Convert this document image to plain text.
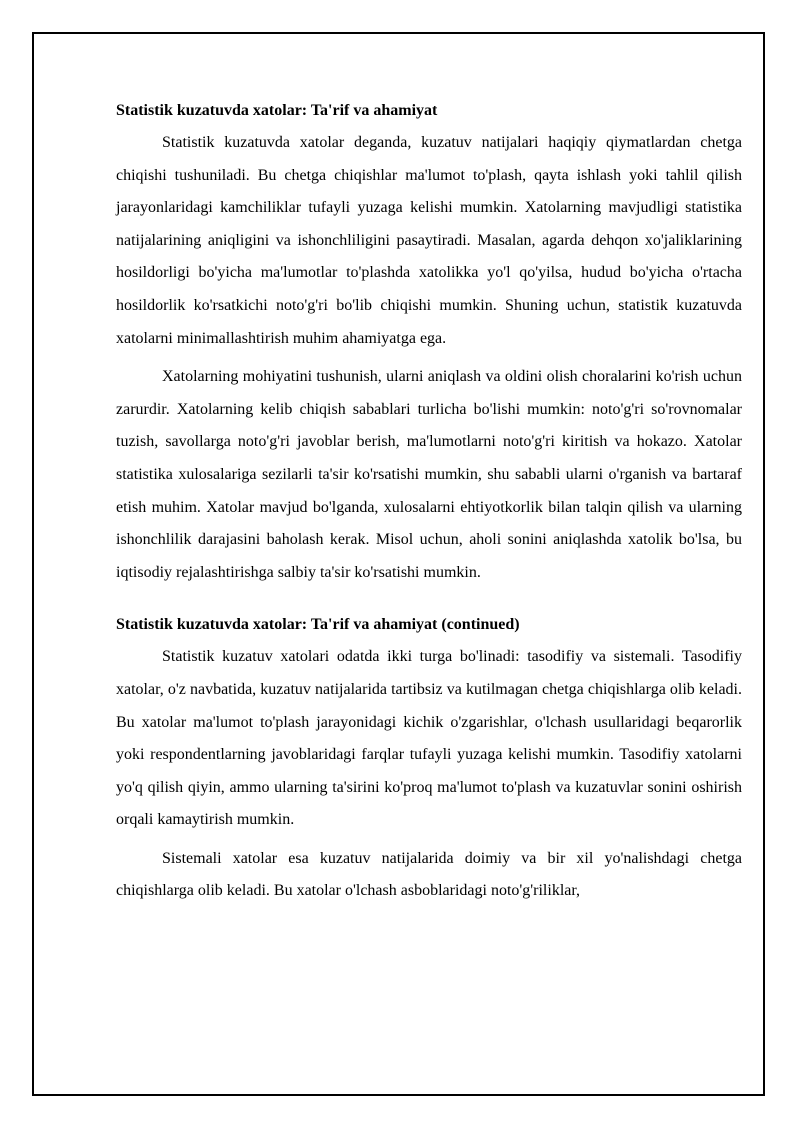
Statistik kuzatuvda xatolar: Ta'rif va ahamiyat

Statistik kuzatuvda xatolar deganda, kuzatuv natijalari haqiqiy qiymatlardan chetga chiqishi tushuniladi. Bu chetga chiqishlar ma'lumot to'plash, qayta ishlash yoki tahlil qilish jarayonlaridagi kamchiliklar tufayli yuzaga kelishi mumkin. Xatolarning mavjudligi statistika natijalarining aniqligini va ishonchliligini pasaytiradi. Masalan, agarda dehqon xo'jaliklarining hosildorligi bo'yicha ma'lumotlar to'plashda xatolikka yo'l qo'yilsa, hudud bo'yicha o'rtacha hosildorlik ko'rsatkichi noto'g'ri bo'lib chiqishi mumkin. Shuning uchun, statistik kuzatuvda xatolarni minimallashtirish muhim ahamiyatga ega.

Xatolarning mohiyatini tushunish, ularni aniqlash va oldini olish choralarini ko'rish uchun zarurdir. Xatolarning kelib chiqish sabablari turlicha bo'lishi mumkin: noto'g'ri so'rovnomalar tuzish, savollarga noto'g'ri javoblar berish, ma'lumotlarni noto'g'ri kiritish va hokazo. Xatolar statistika xulosalariga sezilarli ta'sir ko'rsatishi mumkin, shu sababli ularni o'rganish va bartaraf etish muhim. Xatolar mavjud bo'lganda, xulosalarni ehtiyotkorlik bilan talqin qilish va ularning ishonchlilik darajasini baholash kerak. Misol uchun, aholi sonini aniqlashda xatolik bo'lsa, bu iqtisodiy rejalashtirishga salbiy ta'sir ko'rsatishi mumkin.

Statistik kuzatuvda xatolar: Ta'rif va ahamiyat (continued)

Statistik kuzatuv xatolari odatda ikki turga bo'linadi: tasodifiy va sistemali. Tasodifiy xatolar, o'z navbatida, kuzatuv natijalarida tartibsiz va kutilmagan chetga chiqishlarga olib keladi. Bu xatolar ma'lumot to'plash jarayonidagi kichik o'zgarishlar, o'lchash usullaridagi beqarorlik yoki respondentlarning javoblaridagi farqlar tufayli yuzaga kelishi mumkin. Tasodifiy xatolarni yo'q qilish qiyin, ammo ularning ta'sirini ko'proq ma'lumot to'plash va kuzatuvlar sonini oshirish orqali kamaytirish mumkin.

Sistemali xatolar esa kuzatuv natijalarida doimiy va bir xil yo'nalishdagi chetga chiqishlarga olib keladi. Bu xatolar o'lchash asboblaridagi noto'g'riliklar,
